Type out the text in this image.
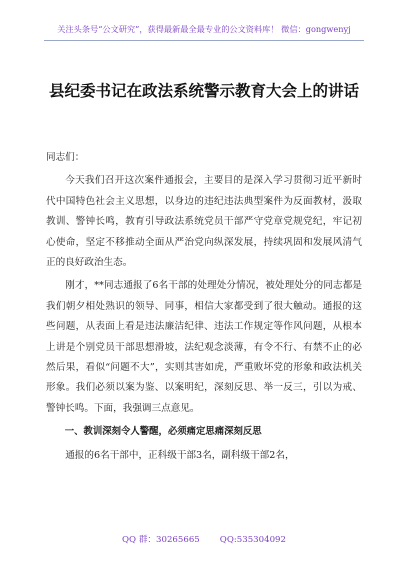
关注头条号“公文研究”，获得最新最全最专业的公文资料库！ 微信：gongwenyj
县纪委书记在政法系统警示教育大会上的讲话

同志们：

今天我们召开这次案件通报会，主要目的是深入学习贯彻习近平新时代中国特色社会主义思想，以身边的违纪违法典型案件为反面教材，汲取教训、警钟长鸣，教育引导政法系统党员干部严守党章党规党纪，牢记初心使命，坚定不移推动全面从严治党向纵深发展，持续巩固和发展风清气正的良好政治生态。

刚才，**同志通报了6名干部的处理处分情况，被处理处分的同志都是我们朝夕相处熟识的领导、同事，相信大家都受到了很大触动。通报的这些问题，从表面上看是违法廉洁纪律、违法工作规定等作风问题，从根本上讲是个别党员干部思想滑坡，法纪观念淡薄，有令不行、有禁不止的必然后果，看似“问题不大”，实则其害如虎，严重败坏党的形象和政法机关形象。我们必须以案为鉴、以案明纪，深刻反思、举一反三，引以为戒、警钟长鸣。下面，我强调三点意见。

一、教训深刻令人警醒，必须痛定思痛深刻反思

通报的6名干部中，正科级干部3名，副科级干部2名，

QQ 群：30265665 QQ:535304092
